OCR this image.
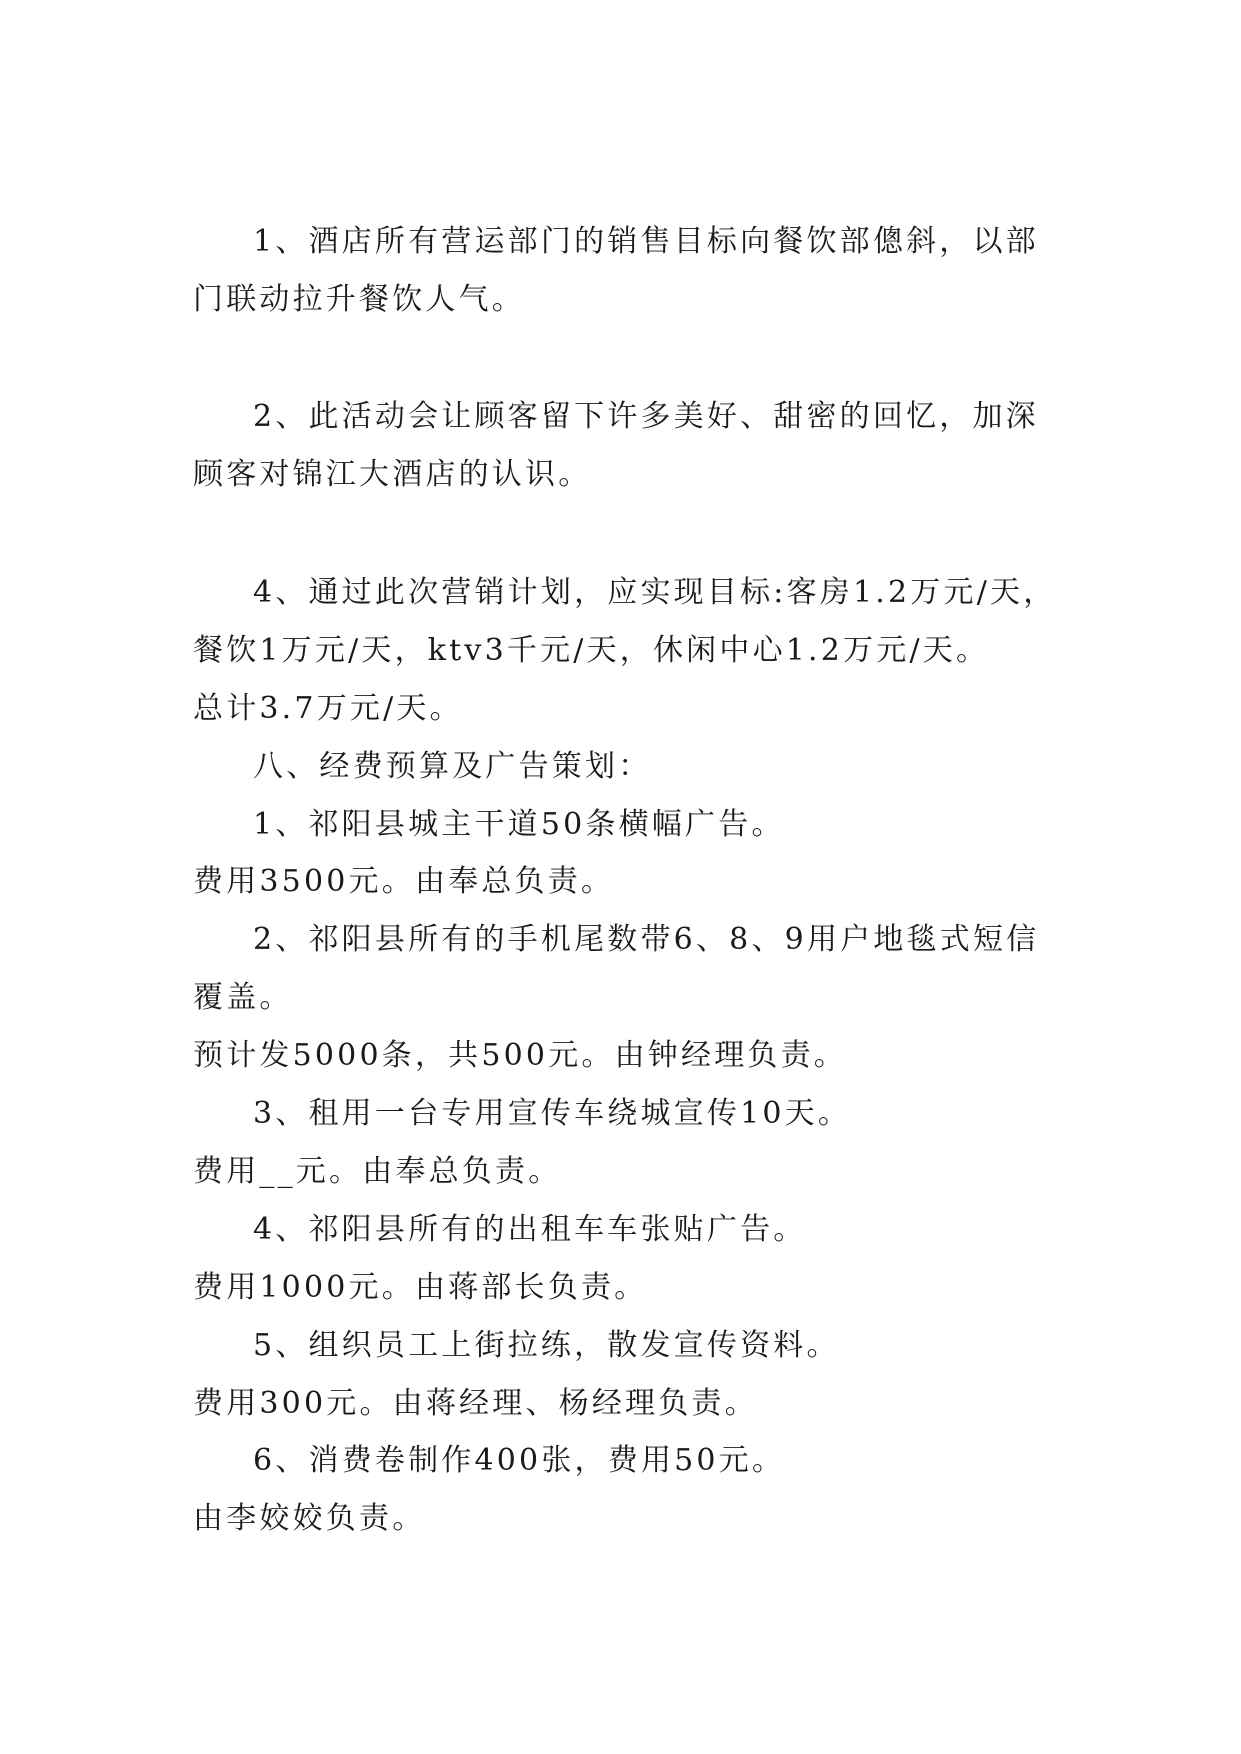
1、酒店所有营运部门的销售目标向餐饮部傯斜，以部
门联动拉升餐饮人气。
2、此活动会让顾客留下许多美好、甜密的回忆，加深
顾客对锦江大酒店的认识。
4、通过此次营销计划，应实现目标:客房1.2万元/天，
餐饮1万元/天，ktv3千元/天，休闲中心1.2万元/天。
总计3.7万元/天。
八、经费预算及广告策划：
1、祁阳县城主干道50条横幅广告。
费用3500元。由奉总负责。
2、祁阳县所有的手机尾数带6、8、9用户地毯式短信
覆盖。
预计发5000条，共500元。由钟经理负责。
3、租用一台专用宣传车绕城宣传10天。
费用__元。由奉总负责。
4、祁阳县所有的出租车车张贴广告。
费用1000元。由蒋部长负责。
5、组织员工上街拉练，散发宣传资料。
费用300元。由蒋经理、杨经理负责。
6、消费卷制作400张，费用50元。
由李姣姣负责。
